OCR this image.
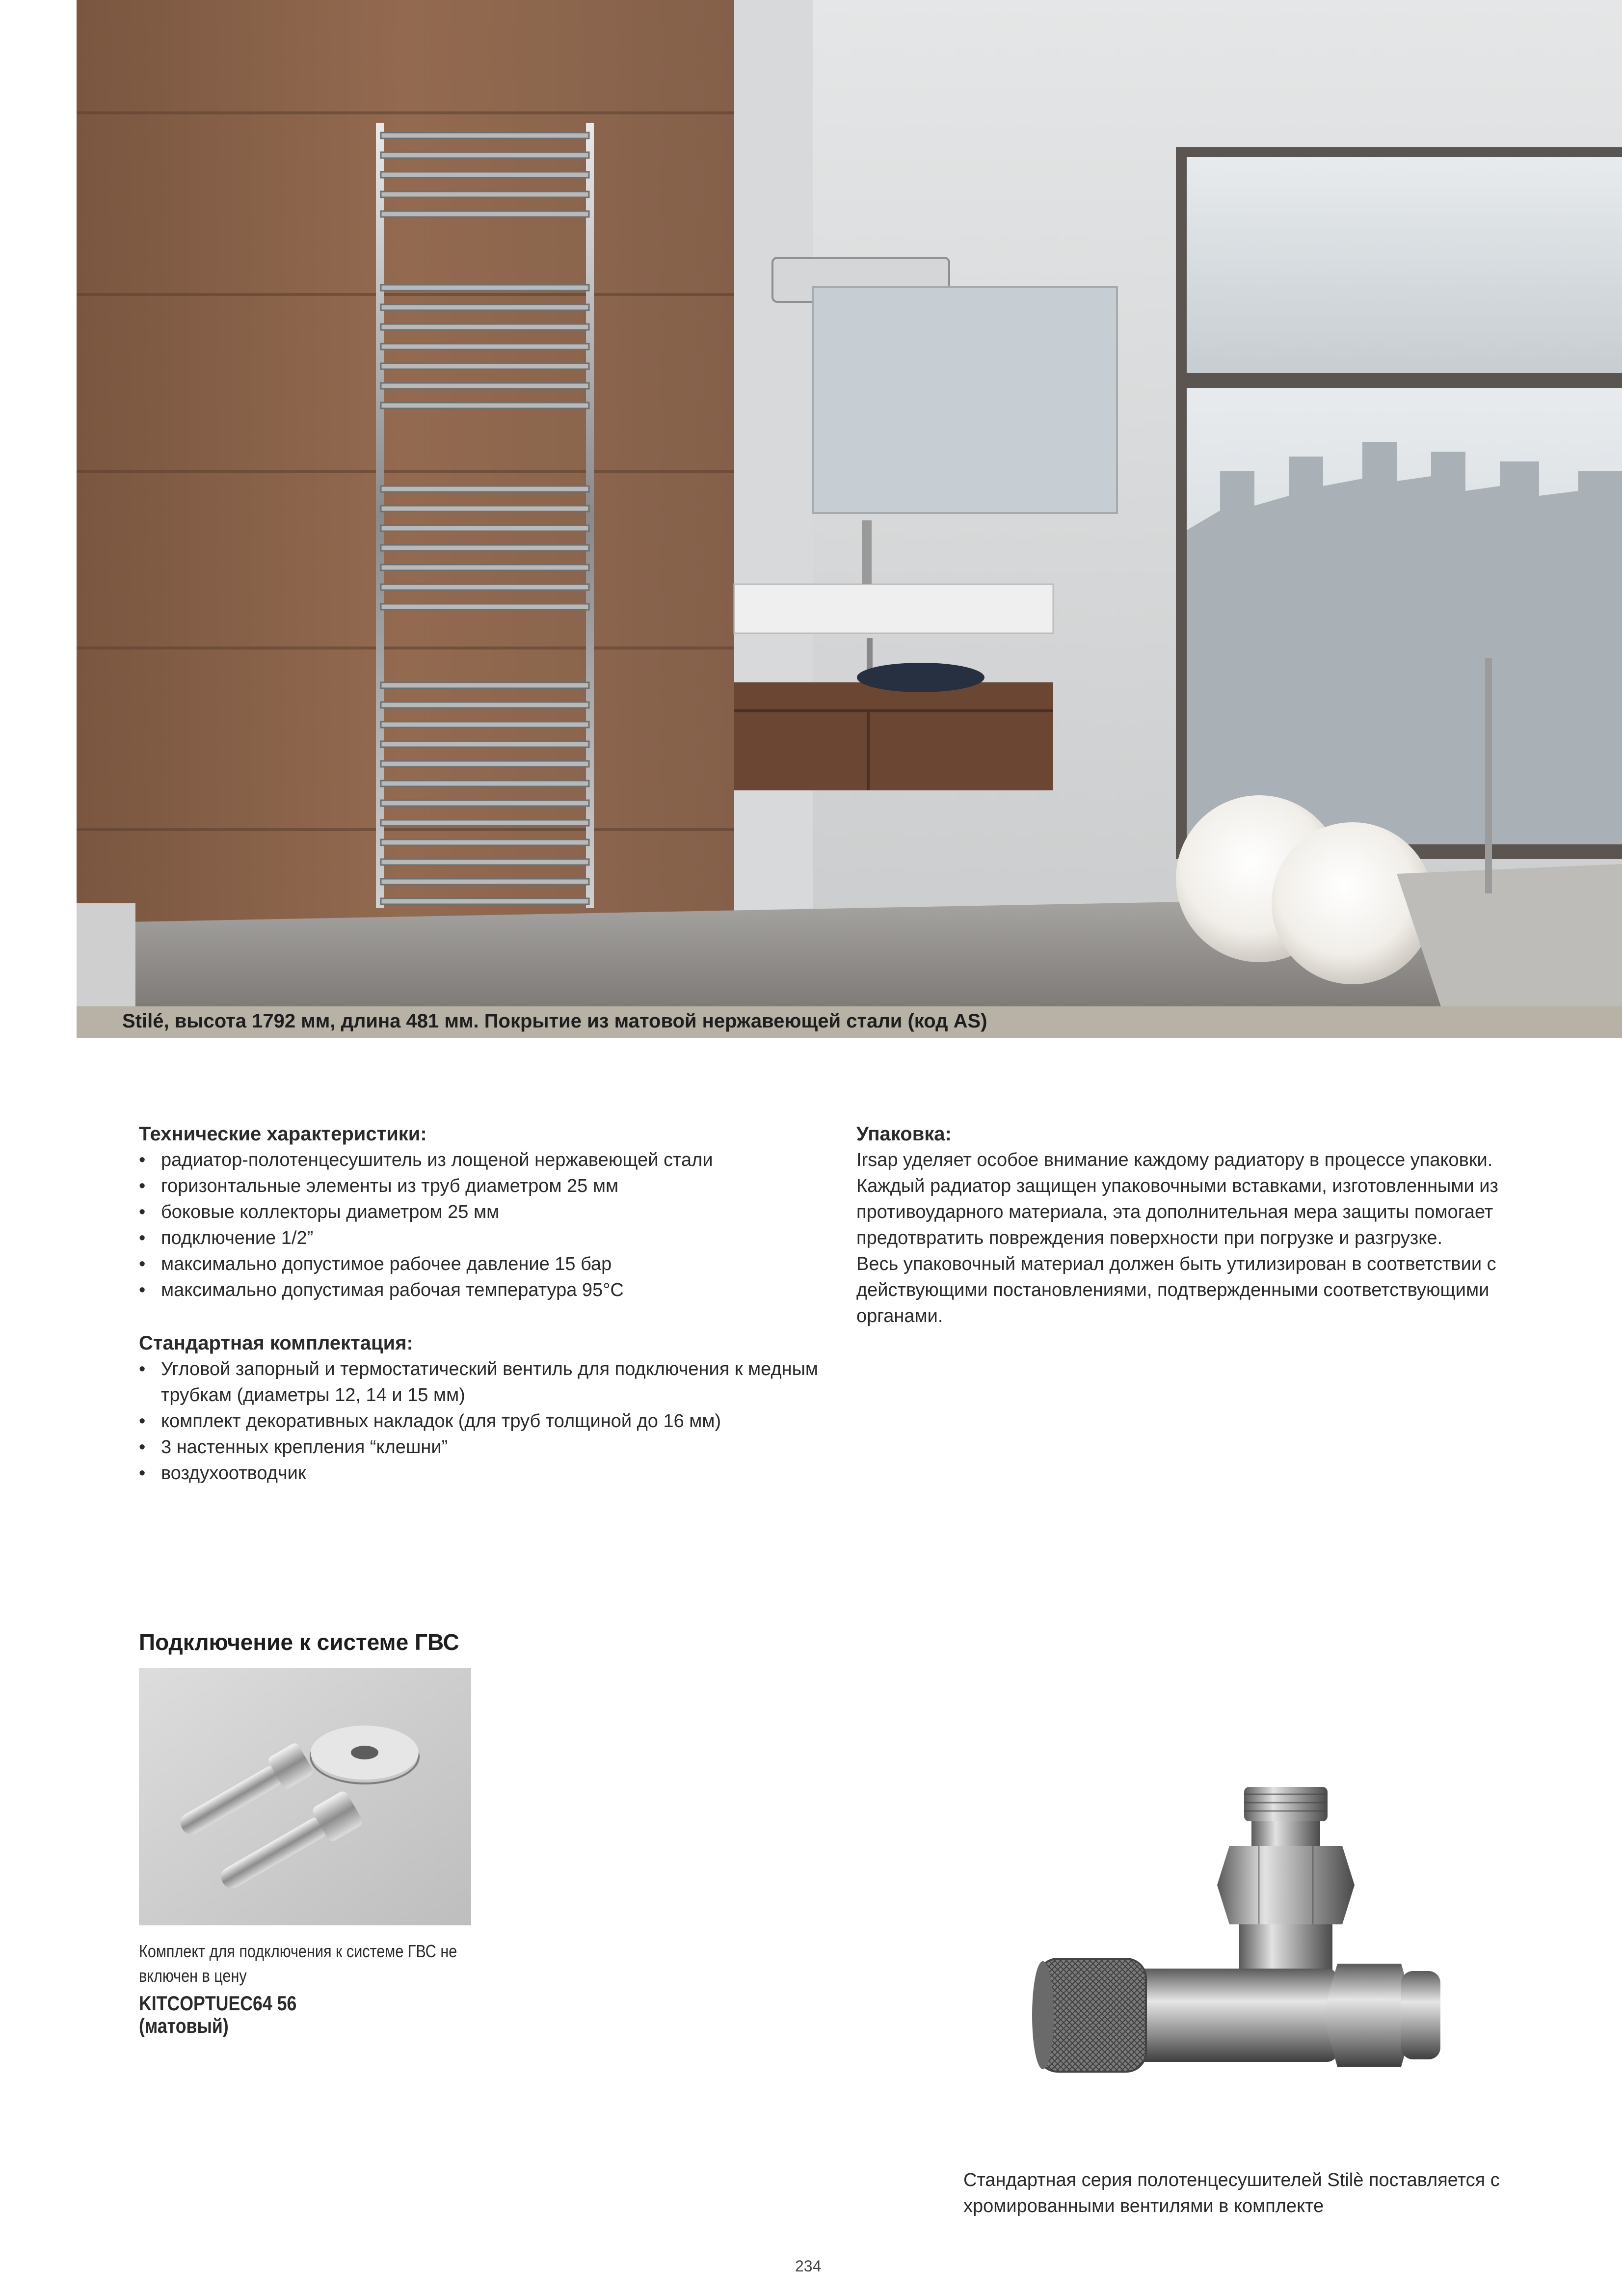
Stilé, высота 1792 мм, длина 481 мм. Покрытие из матовой нержавеющей стали (код AS)
Технические характеристики:
• радиатор-полотенцесушитель из лощеной нержавеющей стали
• горизонтальные элементы из труб диаметром 25 мм
• боковые коллекторы диаметром 25 мм
• подключение 1/2”
• максимально допустимое рабочее давление 15 бар
• максимально допустимая рабочая температура 95°C
Стандартная комплектация:
• Угловой запорный и термостатический вентиль для подключения к медным трубкам (диаметры 12, 14 и 15 мм)
• комплект декоративных накладок (для труб толщиной до 16 мм)
• 3 настенных крепления “клешни”
• воздухоотводчик
Упаковка:

Irsap уделяет особое внимание каждому радиатору в процессе упаковки. Каждый радиатор защищен упаковочными вставками, изготовленными из противоударного материала, эта дополнительная мера защиты помогает предотвратить повреждения поверхности при погрузке и разгрузке.

Весь упаковочный материал должен быть утилизирован в соответствии с действующими постановлениями, подтвержденными соответствующими органами.

Подключение к системе ГВС
Комплект для подключения к системе ГВС не включен в цену
KITCOPTUEC64 56
(матовый)
Стандартная серия полотенцесушителей Stilè поставляется с хромированными вентилями в комплекте
234
